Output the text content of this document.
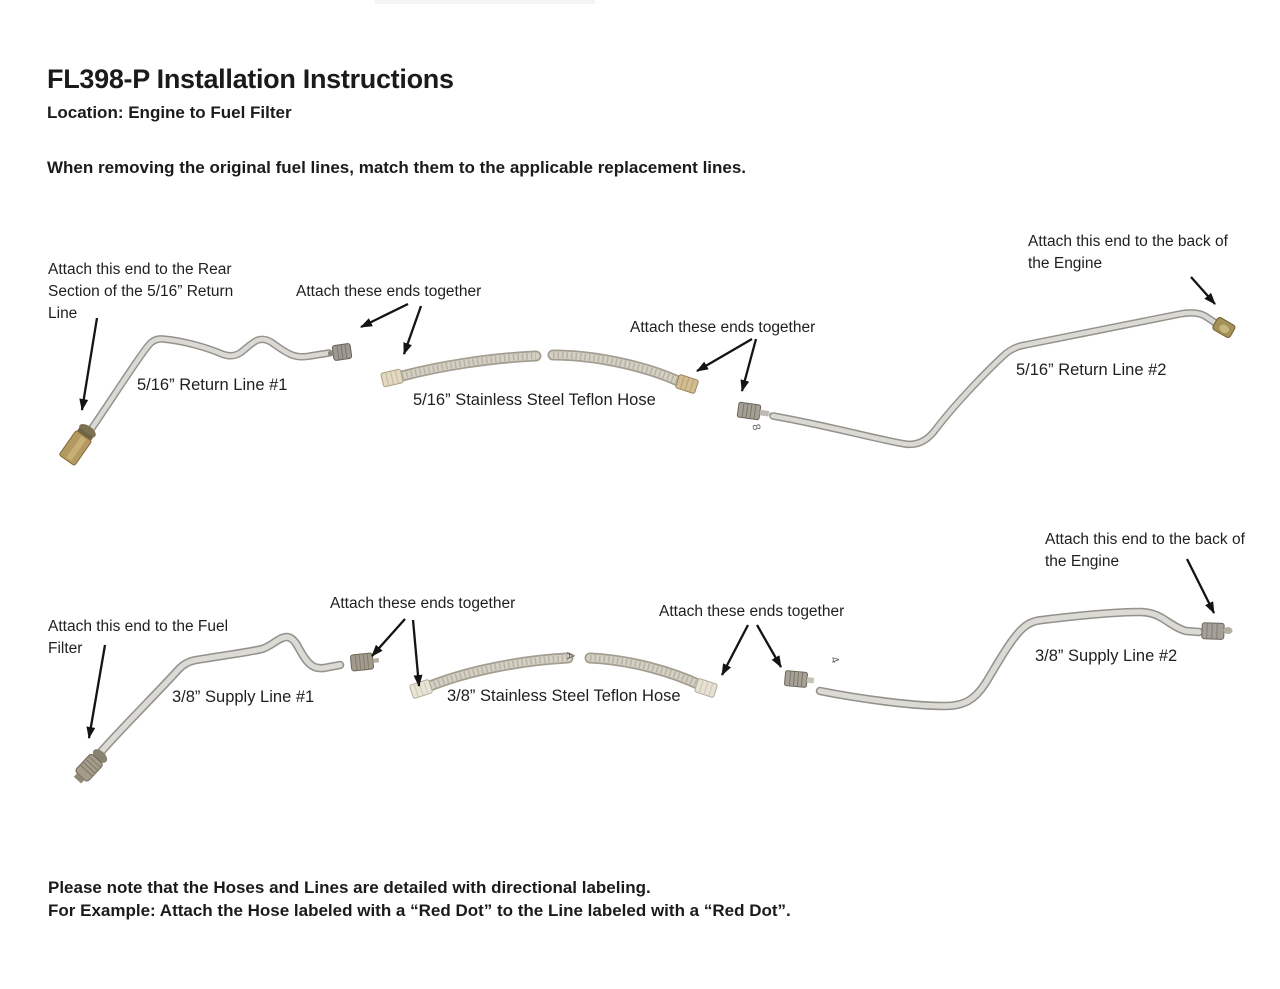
FL398-P Installation Instructions
Location: Engine to Fuel Filter
When removing the original fuel lines, match them to the applicable replacement lines.
Attach this end to the Rear
Section of the 5/16” Return
Line
Attach these ends together
Attach these ends together
Attach this end to the back of
the Engine
5/16” Return Line #1
5/16” Stainless Steel Teflon Hose
5/16” Return Line #2
8
Attach this end to the Fuel
Filter
Attach these ends together	Attach these ends together
Attach this end to the back of
the Engine
3/8” Supply Line #1	3/8” Stainless Steel Teflon Hose
3/8” Supply Line #2
A	4
Please note that the Hoses and Lines are detailed with directional labeling.
For Example: Attach the Hose labeled with a “Red Dot” to the Line labeled with a “Red Dot”.
